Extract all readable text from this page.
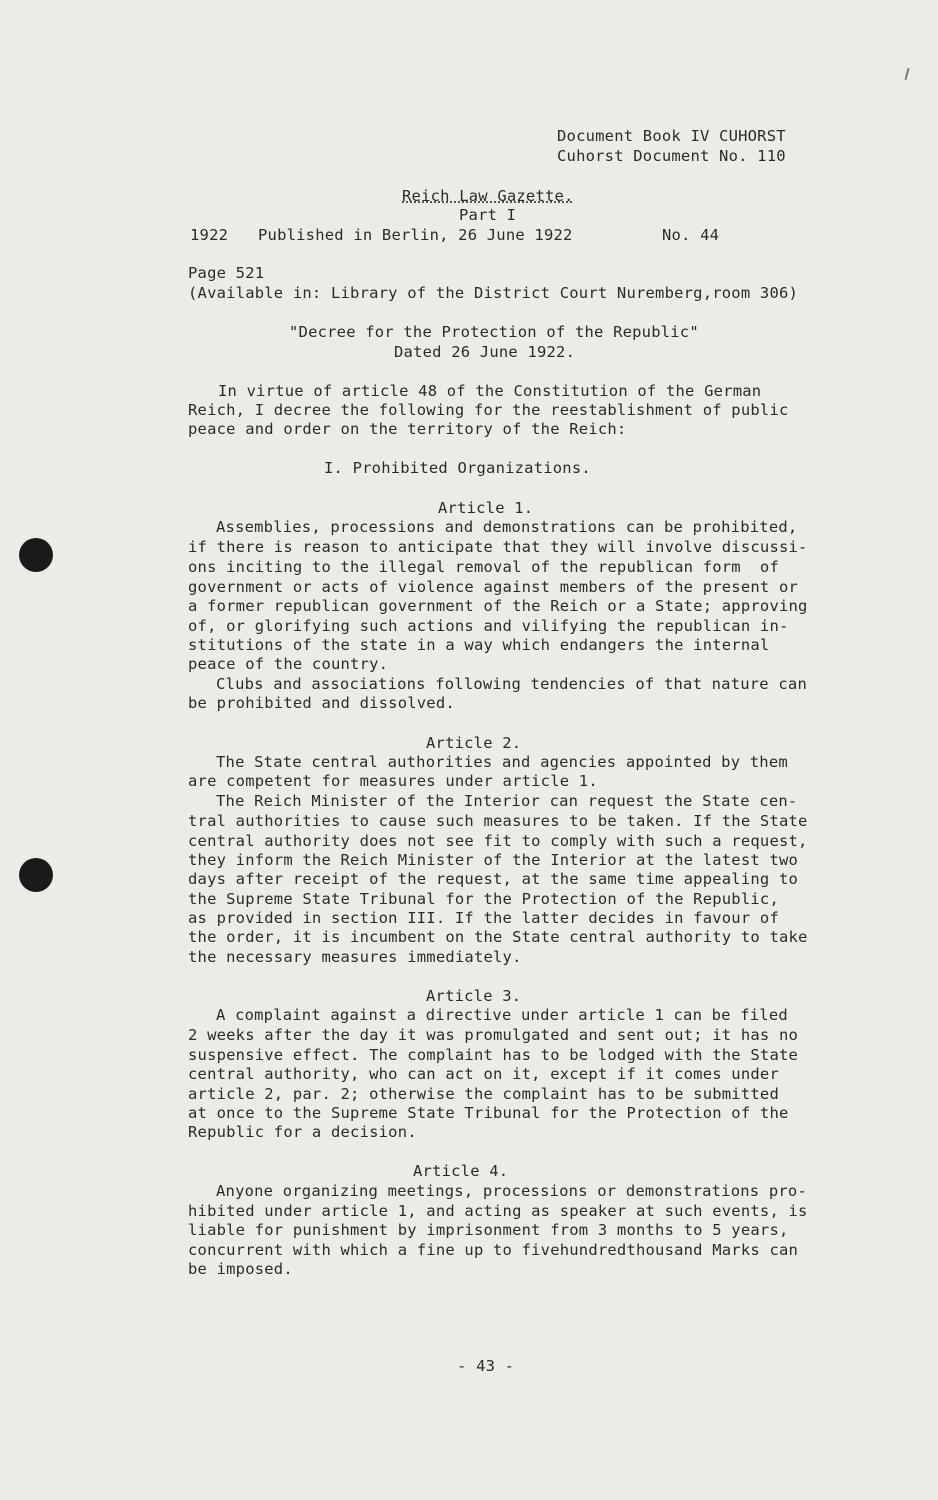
Document Book IV CUHORST
Cuhorst Document No. 110
Reich Law Gazette.
Part I
1922 Published in Berlin, 26 June 1922	No. 44
Page 521
(Available in: Library of the District Court Nuremberg,room 306)
"Decree for the Protection of the Republic"
Dated 26 June 1922.
In virtue of article 48 of the Constitution of the German
Reich, I decree the following for the reestablishment of public
peace and order on the territory of the Reich:
I. Prohibited Organizations.
Article 1.
Assemblies, processions and demonstrations can be prohibited,
if there is reason to anticipate that they will involve discussi-
ons inciting to the illegal removal of the republican form  of
government or acts of violence against members of the present or
a former republican government of the Reich or a State; approving
of, or glorifying such actions and vilifying the republican in-
stitutions of the state in a way which endangers the internal
peace of the country.
Clubs and associations following tendencies of that nature can
be prohibited and dissolved.
Article 2.
The State central authorities and agencies appointed by them
are competent for measures under article 1.
The Reich Minister of the Interior can request the State cen-
tral authorities to cause such measures to be taken. If the State
central authority does not see fit to comply with such a request,
they inform the Reich Minister of the Interior at the latest two
days after receipt of the request, at the same time appealing to
the Supreme State Tribunal for the Protection of the Republic,
as provided in section III. If the latter decides in favour of
the order, it is incumbent on the State central authority to take
the necessary measures immediately.
Article 3.
A complaint against a directive under article 1 can be filed
2 weeks after the day it was promulgated and sent out; it has no
suspensive effect. The complaint has to be lodged with the State
central authority, who can act on it, except if it comes under
article 2, par. 2; otherwise the complaint has to be submitted
at once to the Supreme State Tribunal for the Protection of the
Republic for a decision.
Article 4.
Anyone organizing meetings, processions or demonstrations pro-
hibited under article 1, and acting as speaker at such events, is
liable for punishment by imprisonment from 3 months to 5 years,
concurrent with which a fine up to fivehundredthousand Marks can
be imposed.
- 43 -
